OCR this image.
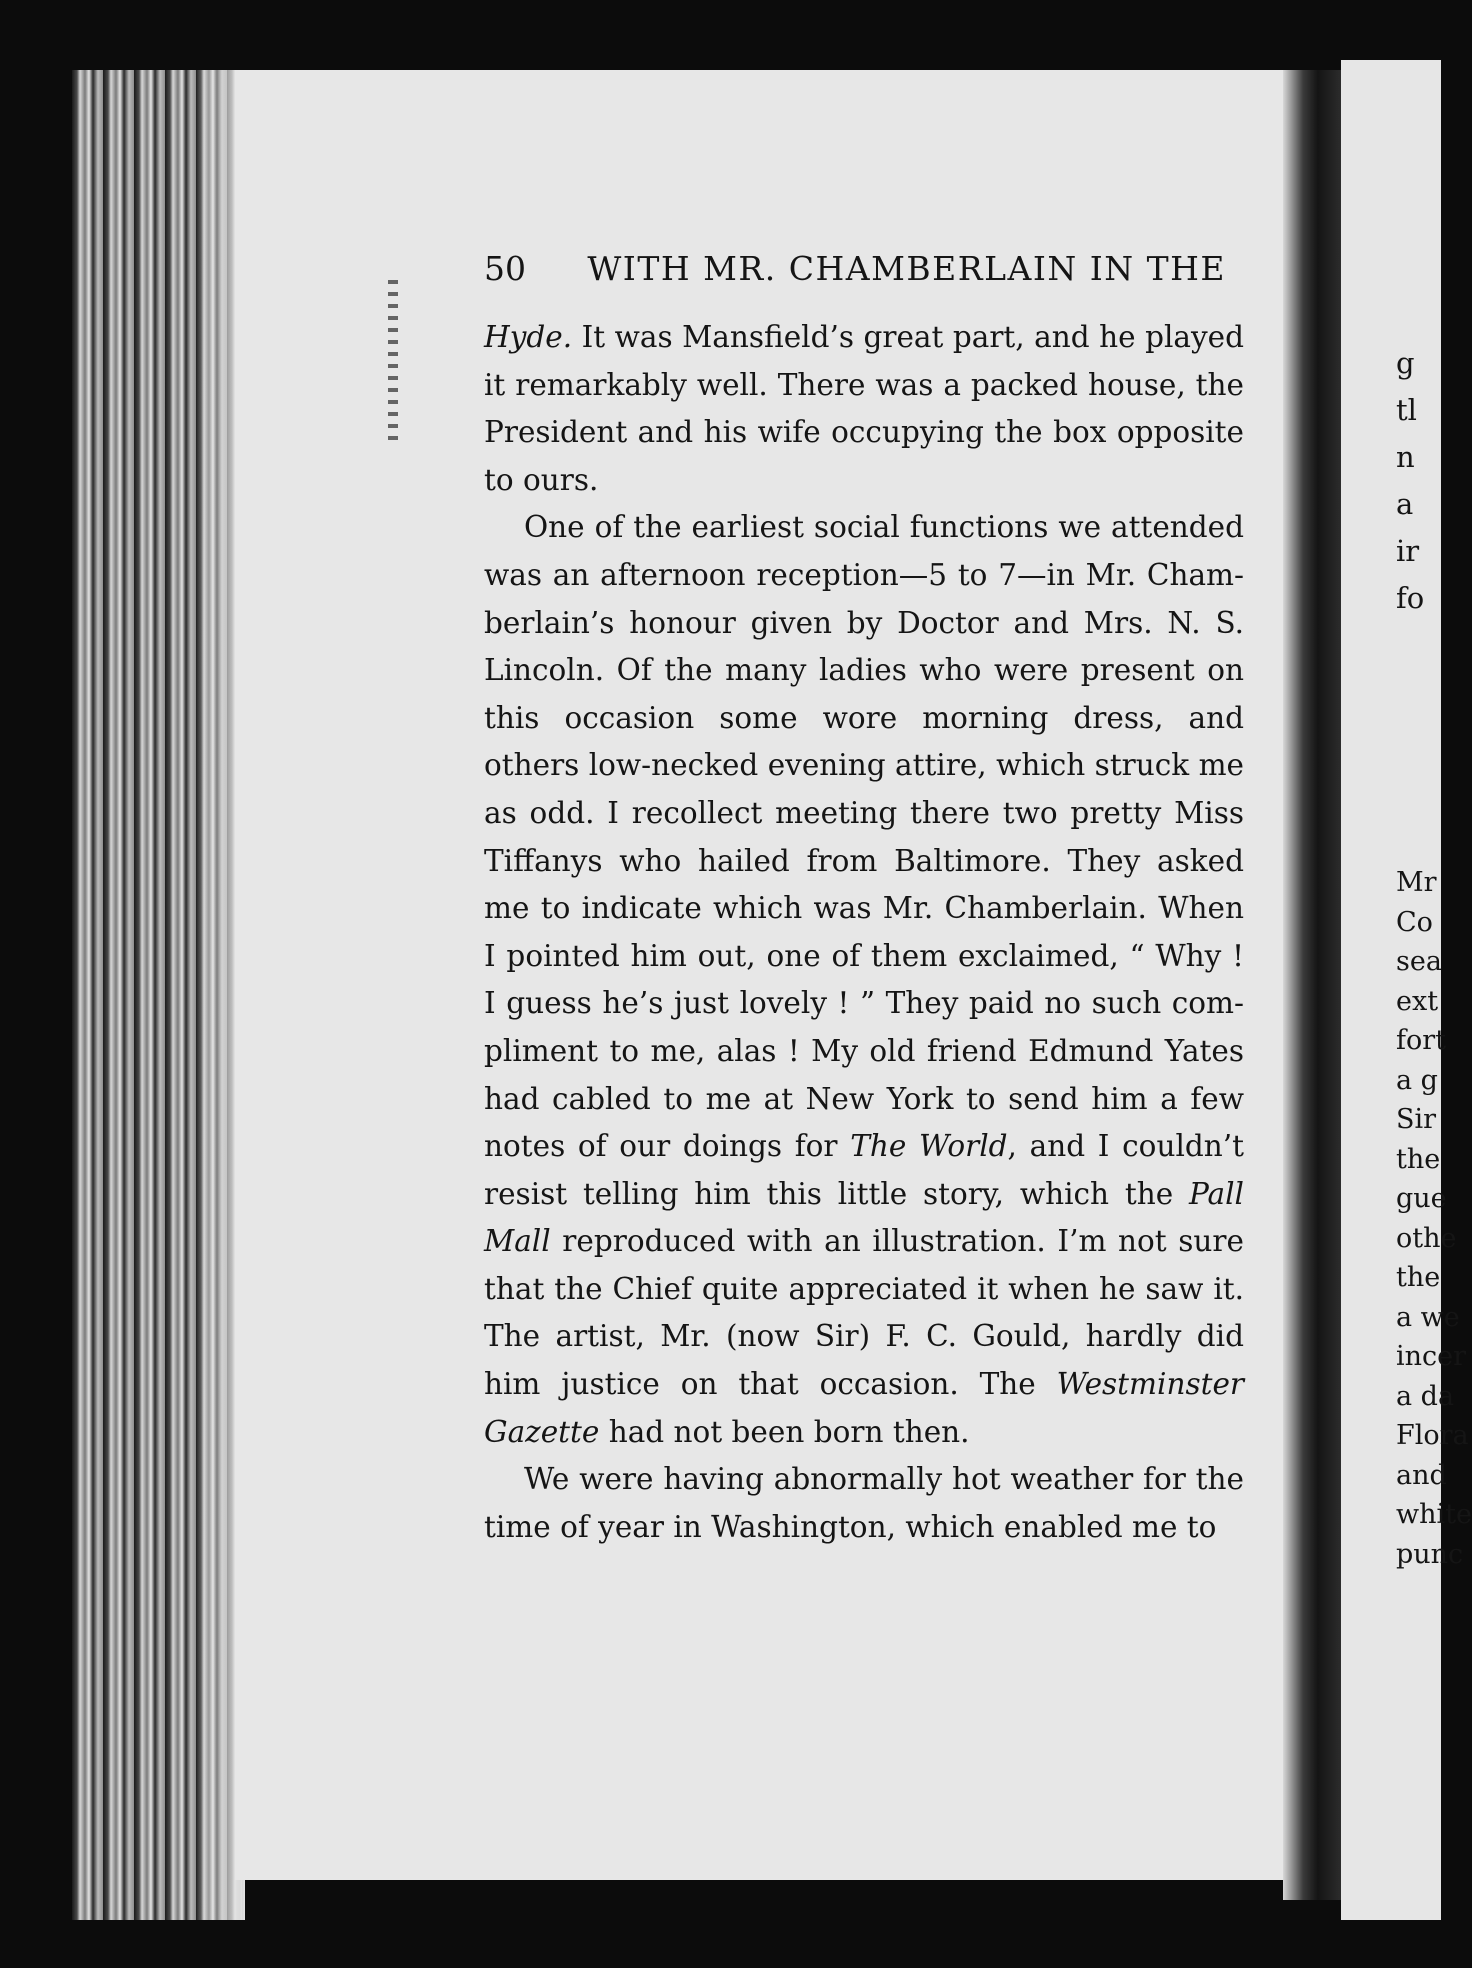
50 WITH MR. CHAMBERLAIN IN THE

Hyde. It was Mansfield’s great part, and he played it remarkably well. There was a packed house, the President and his wife occupying the box opposite to ours.

One of the earliest social functions we attended was an afternoon reception—5 to 7—in Mr. Chamberlain’s honour given by Doctor and Mrs. N. S. Lincoln. Of the many ladies who were present on this occasion some wore morning dress, and others low-necked evening attire, which struck me as odd. I recollect meeting there two pretty Miss Tiffanys who hailed from Baltimore. They asked me to indicate which was Mr. Chamberlain. When I pointed him out, one of them exclaimed, “ Why ! I guess he’s just lovely ! ” They paid no such compliment to me, alas ! My old friend Edmund Yates had cabled to me at New York to send him a few notes of our doings for The World, and I couldn’t resist telling him this little story, which the Pall Mall reproduced with an illustration. I’m not sure that the Chief quite appreciated it when he saw it. The artist, Mr. (now Sir) F. C. Gould, hardly did him justice on that occasion. The Westminster Gazette had not been born then.

We were having abnormally hot weather for the time of year in Washington, which enabled me to

g
tl
n
a
ir
fo
Mr
Co
sea
ext
fort
a g
Sir
the
gue
othe
the
a we
incer
a da
Flora
and
white
punc
